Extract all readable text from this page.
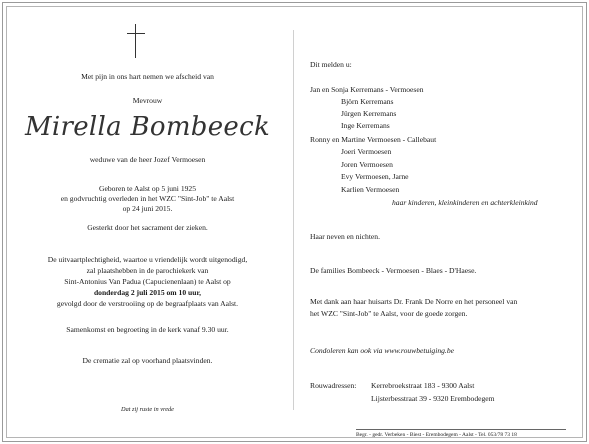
Met pijn in ons hart nemen we afscheid van
Mevrouw
Mirella Bombeeck
weduwe van de heer Jozef Vermoesen
Geboren te Aalst op 5 juni 1925
en godvruchtig overleden in het WZC "Sint-Job" te Aalst
op 24 juni 2015.
Gesterkt door het sacrament der zieken.
De uitvaartplechtigheid, waartoe u vriendelijk wordt uitgenodigd,
zal plaatshebben in de parochiekerk van
Sint-Antonius Van Padua (Capucienenlaan) te Aalst op
donderdag 2 juli 2015 om 10 uur,
gevolgd door de verstrooiing op de begraafplaats van Aalst.
Samenkomst en begroeting in de kerk vanaf 9.30 uur.
De crematie zal op voorhand plaatsvinden.
Dat zij ruste in vrede
Dit melden u:
Jan en Sonja Kerremans - Vermoesen
Björn Kerremans
Jürgen Kerremans
Inge Kerremans
Ronny en Martine Vermoesen - Callebaut
Joeri Vermoesen
Joren Vermoesen
Evy Vermoesen, Jarne
Karlien Vermoesen
haar kinderen, kleinkinderen en achterkleinkind
Haar neven en nichten.
De families Bombeeck - Vermoesen - Blaes - D'Haese.
Met dank aan haar huisarts Dr. Frank De Norre en het personeel van
het WZC "Sint-Job" te Aalst, voor de goede zorgen.
Condoleren kan ook via www.rouwbetuiging.be
Rouwadressen: Kerrebroekstraat 183 - 9300 Aalst
Lijsterbesstraat 39 - 9320 Erembodegem
Begr. - gedr. Verbeken - Biest - Erembodegem - Aalst - Tel. 053/78 73 18
